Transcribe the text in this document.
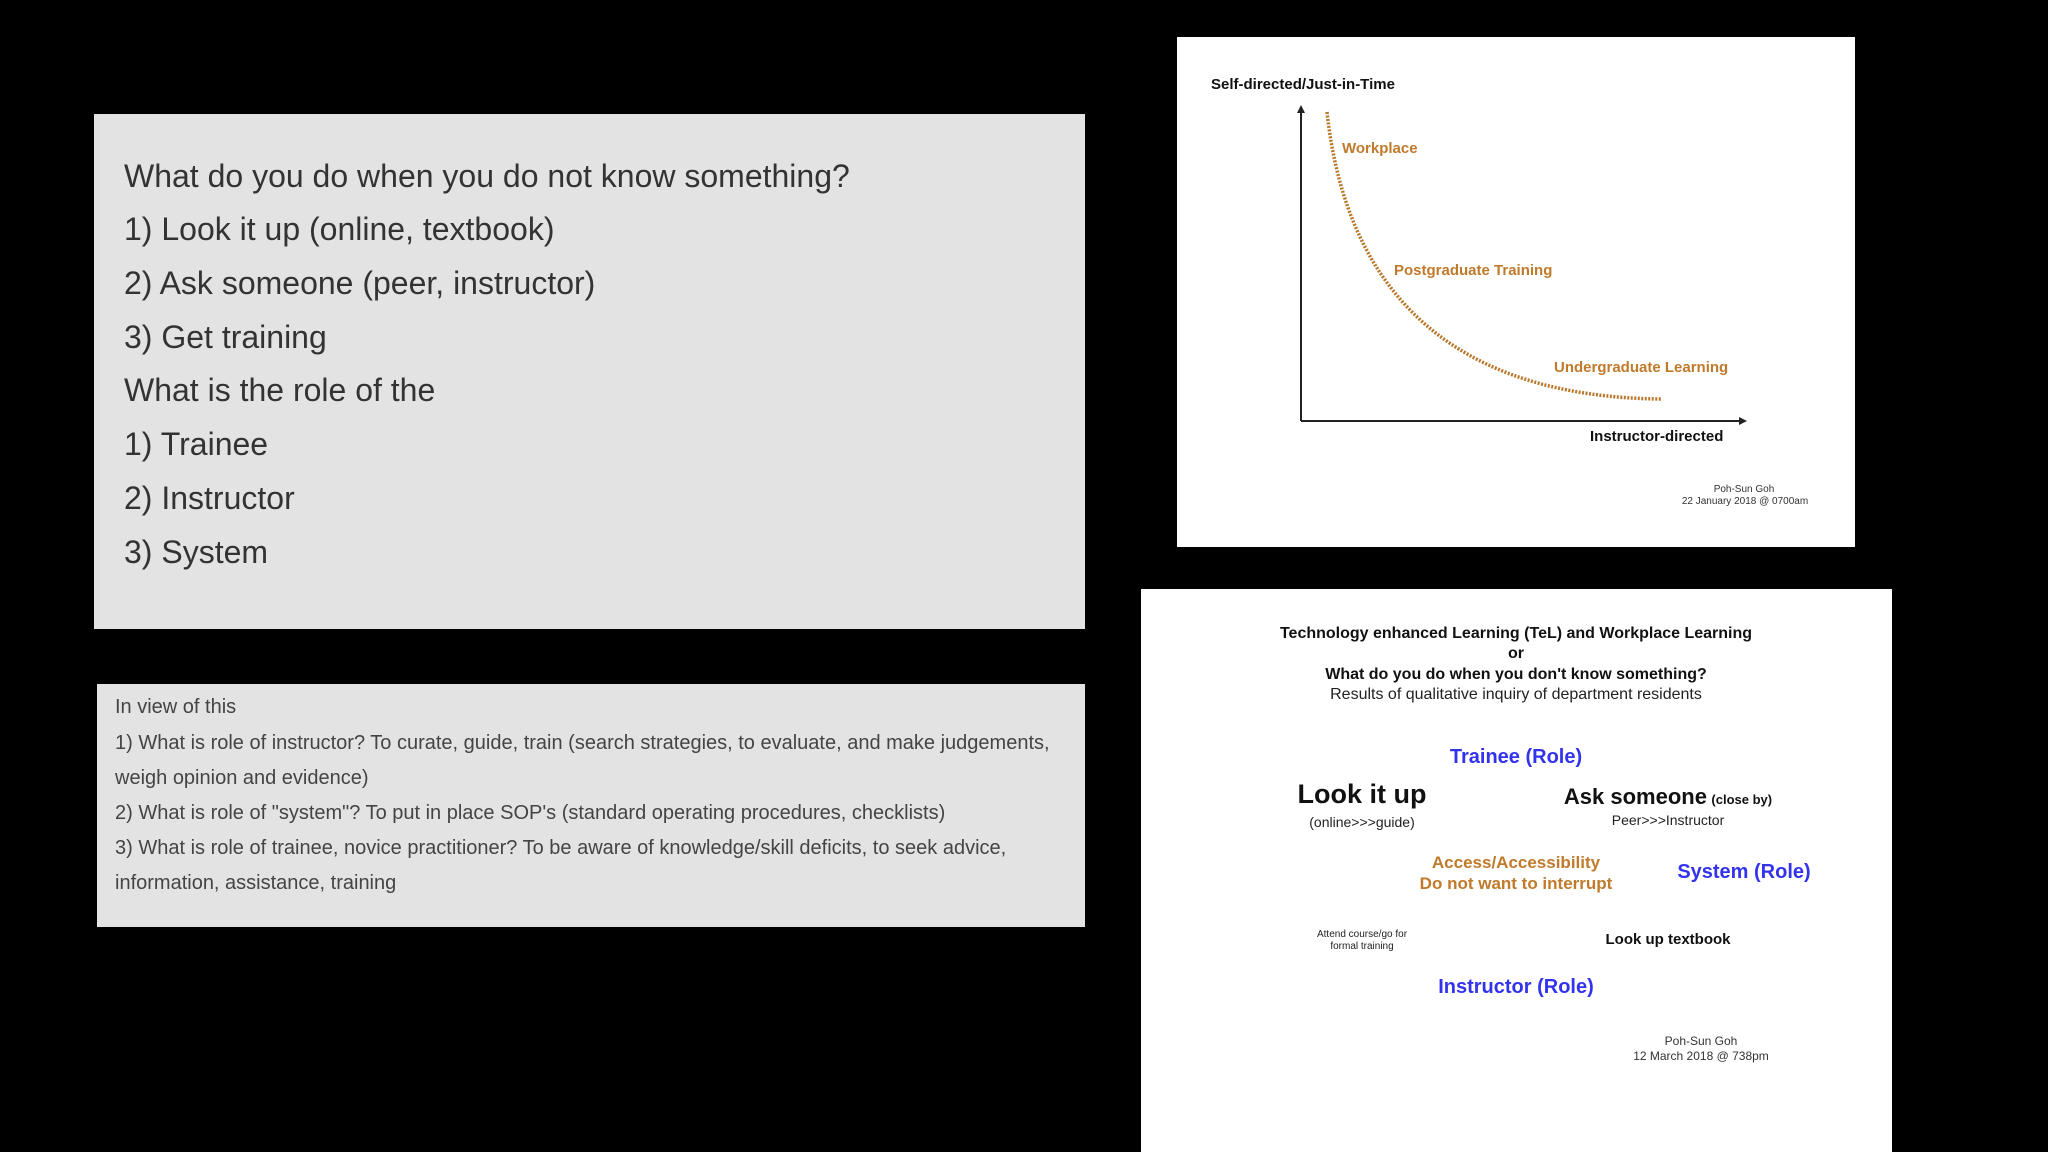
What do you do when you do not know something?
1) Look it up (online, textbook)
2) Ask someone (peer, instructor)
3) Get training
What is the role of the
1) Trainee
2) Instructor
3) System
In view of this
1) What is role of instructor? To curate, guide, train (search strategies, to evaluate, and make judgements, weigh opinion and evidence)
2) What is role of "system"? To put in place SOP's (standard operating procedures, checklists)
3) What is role of trainee, novice practitioner? To be aware of knowledge/skill deficits, to seek advice, information, assistance, training
Self-directed/Just-in-Time
Workplace
Postgraduate Training
Undergraduate Learning
Instructor-directed
Poh-Sun Goh
22 January 2018 @ 0700am
Technology enhanced Learning (TeL) and Workplace Learning
or
What do you do when you don't know something?
Results of qualitative inquiry of department residents
Trainee (Role)
Look it up
(online>>>guide)
Ask someone (close by)
Peer>>>Instructor
Access/Accessibility
Do not want to interrupt
System (Role)
Attend course/go for
formal training	Look up textbook
Instructor (Role)
Poh-Sun Goh
12 March 2018 @ 738pm
